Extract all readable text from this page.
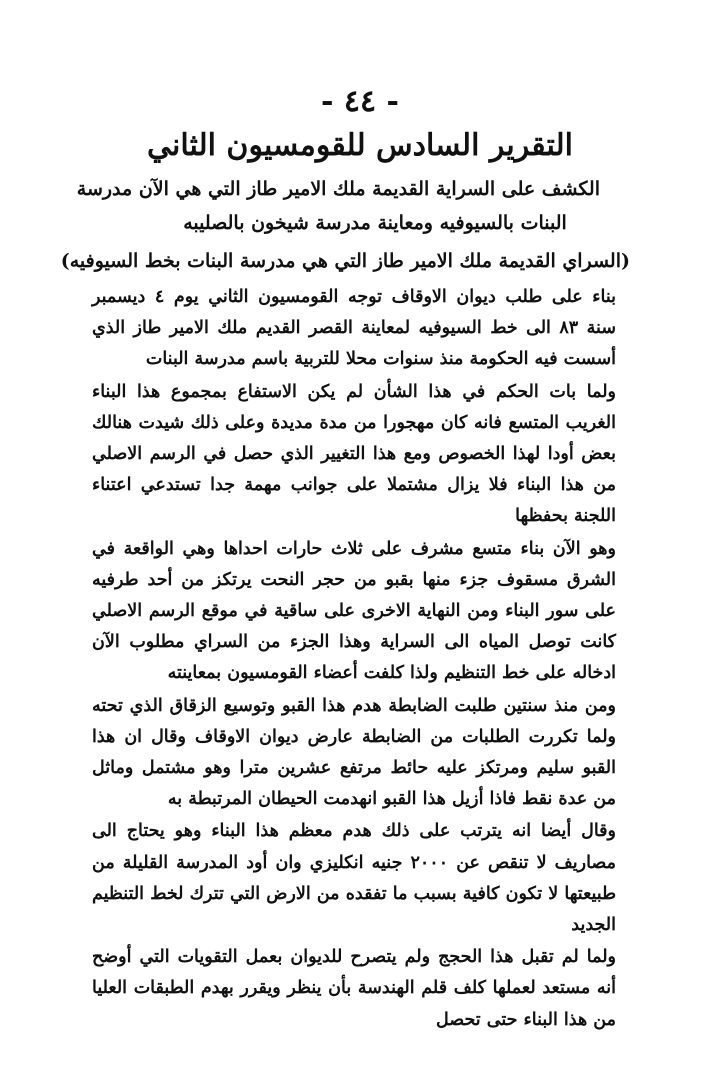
- ٤٤ -
التقرير السادس للقومسيون الثاني
الكشف على السراية القديمة ملك الامير طاز التي هي الآن مدرسة
البنات بالسيوفيه ومعاينة مدرسة شيخون بالصليبه
(السراي القديمة ملك الامير طاز التي هي مدرسة البنات بخط السيوفيه)

بناء على طلب ديوان الاوقاف توجه القومسيون الثاني يوم ٤ ديسمبر سنة ٨٣ الى خط السيوفيه لمعاينة القصر القديم ملك الامير طاز الذي أسست فيه الحكومة منذ سنوات محلا للتربية باسم مدرسة البنات

ولما بات الحكم في هذا الشأن لم يكن الاستفاع بمجموع هذا البناء الغريب المتسع فانه كان مهجورا من مدة مديدة وعلى ذلك شيدت هنالك بعض أودا لهذا الخصوص ومع هذا التغيير الذي حصل في الرسم الاصلي من هذا البناء فلا يزال مشتملا على جوانب مهمة جدا تستدعي اعتناء اللجنة بحفظها

وهو الآن بناء متسع مشرف على ثلاث حارات احداها وهي الواقعة في الشرق مسقوف جزء منها بقبو من حجر النحت يرتكز من أحد طرفيه على سور البناء ومن النهاية الاخرى على ساقية في موقع الرسم الاصلي كانت توصل المياه الى السراية وهذا الجزء من السراي مطلوب الآن ادخاله على خط التنظيم ولذا كلفت أعضاء القومسيون بمعاينته

ومن منذ سنتين طلبت الضابطة هدم هذا القبو وتوسيع الزقاق الذي تحته ولما تكررت الطلبات من الضابطة عارض ديوان الاوقاف وقال ان هذا القبو سليم ومرتكز عليه حائط مرتفع عشرين مترا وهو مشتمل وماثل من عدة نقط فاذا أزيل هذا القبو انهدمت الحيطان المرتبطة به

وقال أيضا انه يترتب على ذلك هدم معظم هذا البناء وهو يحتاج الى مصاريف لا تنقص عن ٢٠٠٠ جنيه انكليزي وان أود المدرسة القليلة من طبيعتها لا تكون كافية بسبب ما تفقده من الارض التي تترك لخط التنظيم الجديد

ولما لم تقبل هذا الحجج ولم يتصرح للديوان بعمل التقويات التي أوضح أنه مستعد لعملها كلف قلم الهندسة بأن ينظر ويقرر بهدم الطبقات العليا من هذا البناء حتى تحصل
